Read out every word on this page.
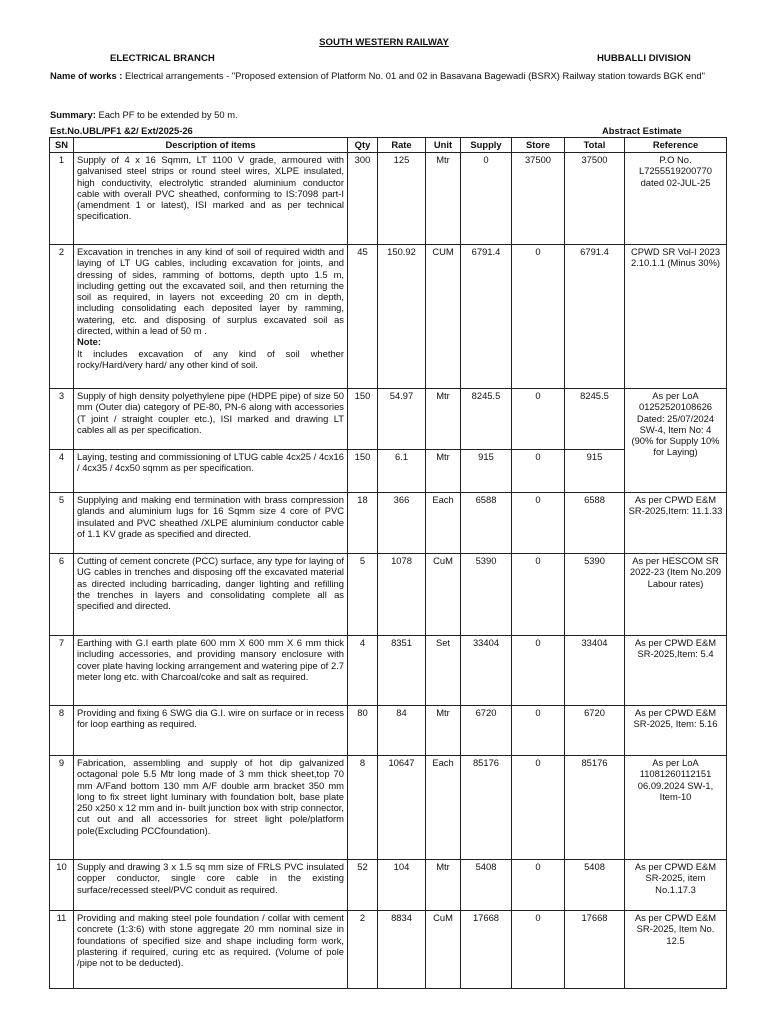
SOUTH WESTERN RAILWAY
ELECTRICAL BRANCH	HUBBALLI DIVISION
Name of works : Electrical arrangements - "Proposed extension of Platform No. 01 and 02 in Basavana Bagewadi (BSRX) Railway station towards BGK end"
Summary: Each PF to be extended by 50 m.
Est.No.UBL/PF1 &2/ Ext/2025-26	Abstract Estimate
SN	Description of items	Qty	Rate	Unit	Supply	Store	Total	Reference
1	Supply of 4 x 16 Sqmm, LT 1100 V grade, armoured with galvanised steel strips or round steel wires, XLPE insulated, high conductivity, electrolytic stranded aluminium conductor cable with overall PVC sheathed, conforming to IS:7098 part-I (amendment 1 or latest), ISI marked and as per technical specification.	300	125	Mtr	0	37500	37500	P.O No. L7255519200770 dated 02-JUL-25
2	Excavation in trenches in any kind of soil of required width and laying of LT UG cables, including excavation for joints, and dressing of sides, ramming of bottoms, depth upto 1.5 m, including getting out the excavated soil, and then returning the soil as required, in layers not exceeding 20 cm in depth, including consolidating each deposited layer by ramming, watering, etc. and disposing of surplus excavated soil as directed, within a lead of 50 m .
Note:
It includes excavation of any kind of soil whether rocky/Hard/very hard/ any other kind of soil.	45	150.92	CUM	6791.4	0	6791.4	CPWD SR Vol-I 2023 2.10.1.1 (Minus 30%)
3	Supply of high density polyethylene pipe (HDPE pipe) of size 50 mm (Outer dia) category of PE-80, PN-6 along with accessories (T joint / straight coupler etc.), ISI marked and drawing LT cables all as per specification.	150	54.97	Mtr	8245.5	0	8245.5	As per LoA 01252520108626 Dated: 25/07/2024 SW-4, Item No: 4 (90% for Supply 10% for Laying)
4	Laying, testing and commissioning of LTUG cable 4cx25 / 4cx16 / 4cx35 / 4cx50 sqmm as per specification.	150	6.1	Mtr	915	0	915	
5	Supplying and making end termination with brass compression glands and aluminium lugs for 16 Sqmm size 4 core of PVC insulated and PVC sheathed /XLPE aluminium conductor cable of 1.1 KV grade as specified and directed.	18	366	Each	6588	0	6588	As per CPWD E&M SR-2025,Item: 11.1.33
6	Cutting of cement concrete (PCC) surface, any type for laying of UG cables in trenches and disposing off the excavated material as directed including barricading, danger lighting and refilling the trenches in layers and consolidating complete all as specified and directed.	5	1078	CuM	5390	0	5390	As per HESCOM SR 2022-23 (Item No.209 Labour rates)
7	Earthing with G.I earth plate 600 mm X 600 mm X 6 mm thick including accessories, and providing mansory enclosure with cover plate having locking arrangement and watering pipe of 2.7 meter long etc. with Charcoal/coke and salt as required.	4	8351	Set	33404	0	33404	As per CPWD E&M SR-2025,Item: 5.4
8	Providing and fixing 6 SWG dia G.I. wire on surface or in recess for loop earthing as required.	80	84	Mtr	6720	0	6720	As per CPWD E&M SR-2025, Item: 5.16
9	Fabrication, assembling and supply of hot dip galvanized octagonal pole 5.5 Mtr long made of 3 mm thick sheet,top 70 mm A/Fand bottom 130 mm A/F double arm bracket 350 mm long to fix street light luminary with foundation bolt, base plate 250 x250 x 12 mm and in- built junction box with strip connector, cut out and all accessories for street light pole/platform pole(Excluding PCCfoundation).	8	10647	Each	85176	0	85176	As per LoA 11081260112151 06.09.2024 SW-1, Item-10
10	Supply and drawing 3 x 1.5 sq mm size of FRLS PVC insulated copper conductor, single core cable in the existing surface/recessed steel/PVC conduit as required.	52	104	Mtr	5408	0	5408	As per CPWD E&M SR-2025, item No.1.17.3
11	Providing and making steel pole foundation / collar with cement concrete (1:3:6) with stone aggregate 20 mm nominal size in foundations of specified size and shape including form work, plastering if required, curing etc as required. (Volume of pole /pipe not to be deducted).	2	8834	CuM	17668	0	17668	As per CPWD E&M SR-2025, Item No. 12.5
